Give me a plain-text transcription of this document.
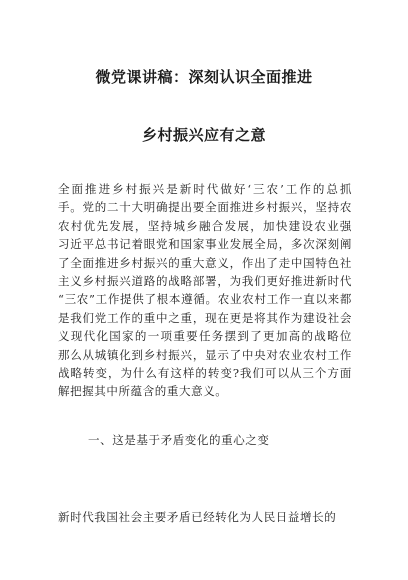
微党课讲稿：深刻认识全面推进
乡村振兴应有之意
全面推进乡村振兴是新时代做好‘三农’工作的总抓
手。党的二十大明确提出要全面推进乡村振兴，坚持农
农村优先发展，坚持城乡融合发展，加快建设农业强
习近平总书记着眼党和国家事业发展全局，多次深刻阐
了全面推进乡村振兴的重大意义，作出了走中国特色社
主义乡村振兴道路的战略部署，为我们更好推进新时代
“三农”工作提供了根本遵循。农业农村工作一直以来都
是我们党工作的重中之重，现在更是将其作为建设社会
义现代化国家的一项重要任务摆到了更加高的战略位
那么从城镇化到乡村振兴，显示了中央对农业农村工作
战略转变，为什么有这样的转变?我们可以从三个方面
解把握其中所蕴含的重大意义。
一、这是基于矛盾变化的重心之变
新时代我国社会主要矛盾已经转化为人民日益增长的
